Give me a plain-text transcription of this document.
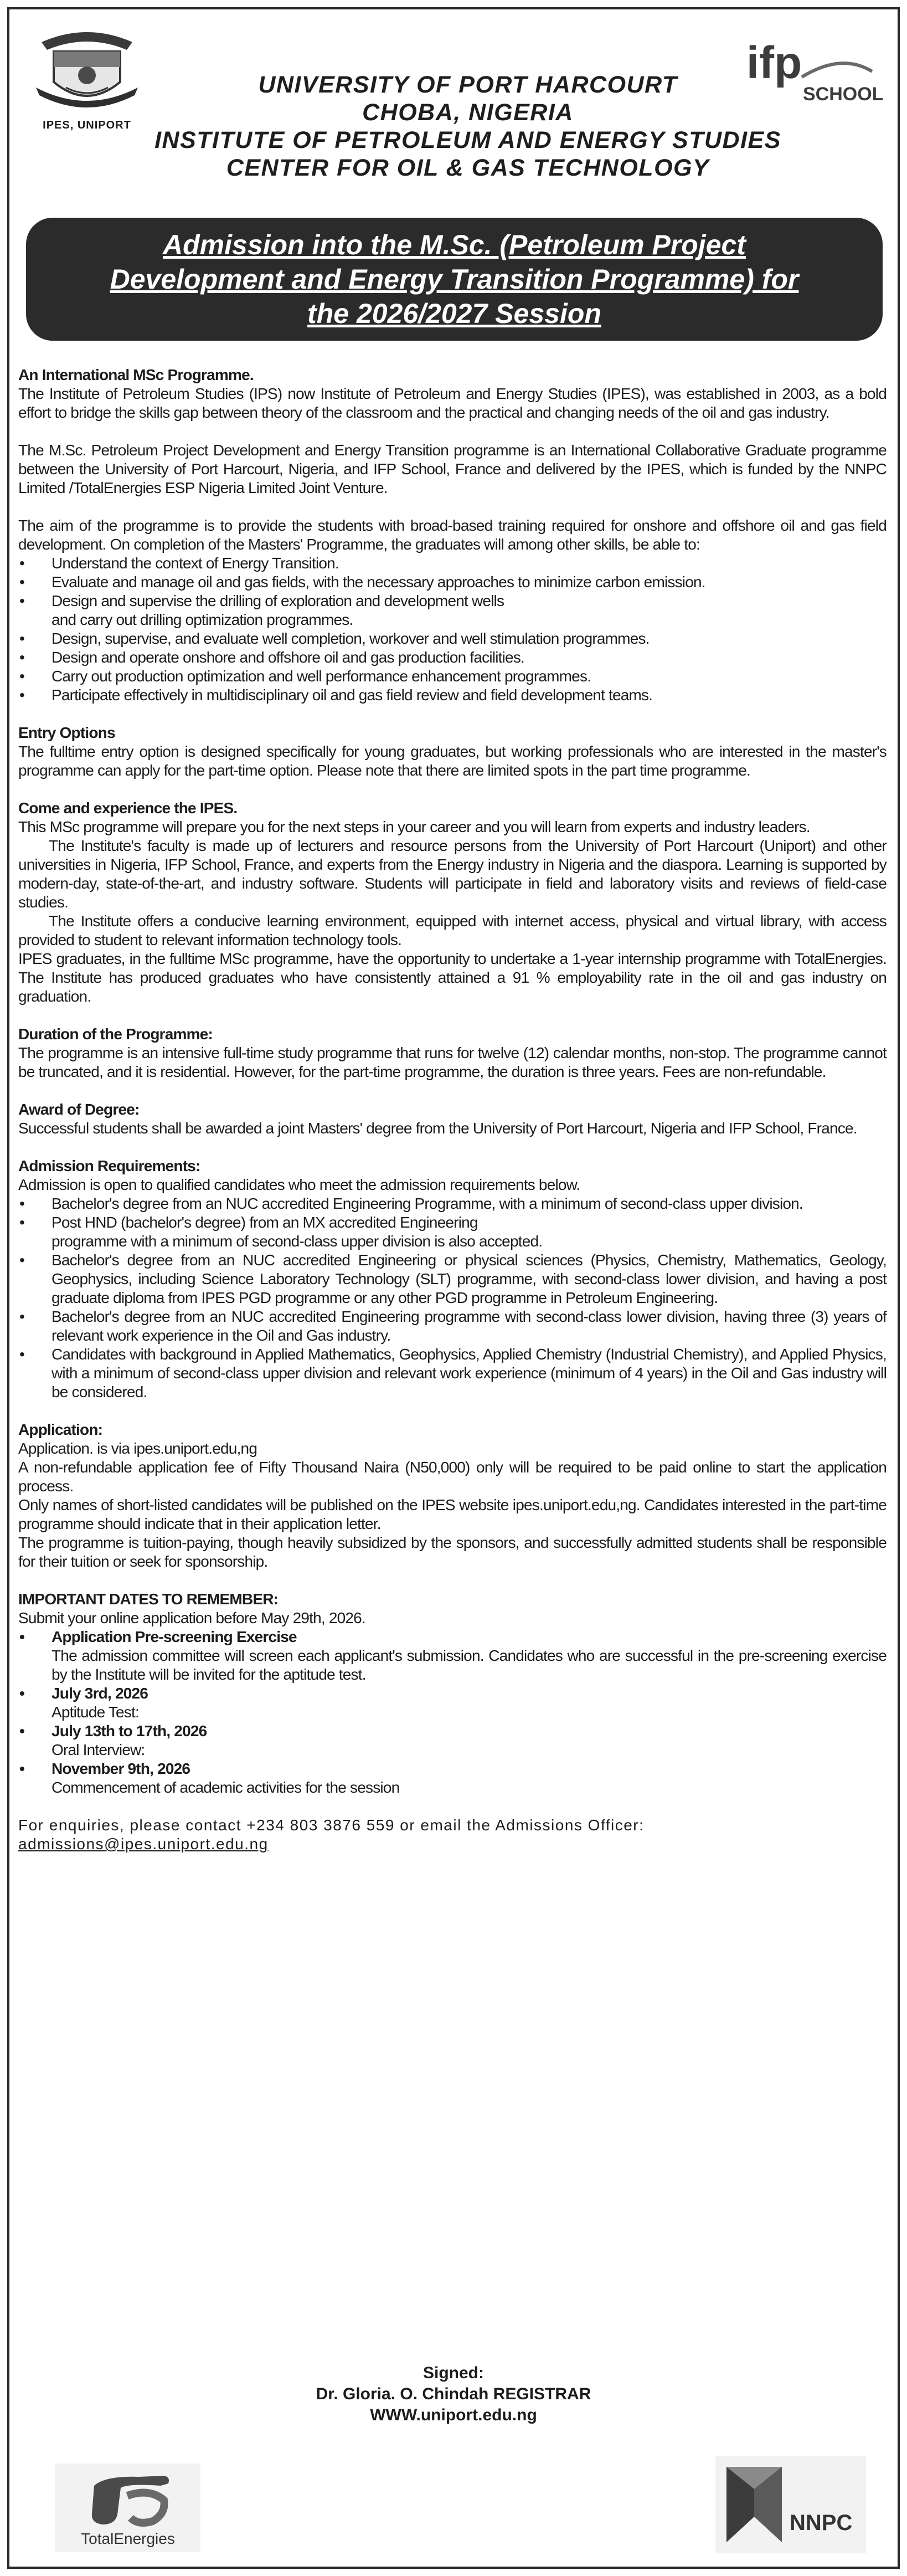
IPES, UNIPORT
ifp
SCHOOL
UNIVERSITY OF PORT HARCOURT
CHOBA, NIGERIA
INSTITUTE OF PETROLEUM AND ENERGY STUDIES
CENTER FOR OIL & GAS TECHNOLOGY
Admission into the M.Sc. (Petroleum Project
Development and Energy Transition Programme) for
the 2026/2027 Session

An International MSc Programme.

The Institute of Petroleum Studies (IPS) now Institute of Petroleum and Energy Studies (IPES), was established in 2003, as a bold effort to bridge the skills gap between theory of the classroom and the practical and changing needs of the oil and gas industry.

The M.Sc. Petroleum Project Development and Energy Transition programme is an International Collaborative Graduate programme between the University of Port Harcourt, Nigeria, and IFP School, France and delivered by the IPES, which is funded by the NNPC Limited /TotalEnergies ESP Nigeria Limited Joint Venture.

The aim of the programme is to provide the students with broad-based training required for onshore and offshore oil and gas field development. On completion of the Masters' Programme, the graduates will among other skills, be able to:

• Understand the context of Energy Transition.
• Evaluate and manage oil and gas fields, with the necessary approaches to minimize carbon emission.
• Design and supervise the drilling of exploration and development wells
and carry out drilling optimization programmes.
• Design, supervise, and evaluate well completion, workover and well stimulation programmes.
• Design and operate onshore and offshore oil and gas production facilities.
• Carry out production optimization and well performance enhancement programmes.
• Participate effectively in multidisciplinary oil and gas field review and field development teams.

Entry Options

The fulltime entry option is designed specifically for young graduates, but working professionals who are interested in the master's programme can apply for the part-time option. Please note that there are limited spots in the part time programme.

Come and experience the IPES.

This MSc programme will prepare you for the next steps in your career and you will learn from experts and industry leaders.

The Institute's faculty is made up of lecturers and resource persons from the University of Port Harcourt (Uniport) and other universities in Nigeria, IFP School, France, and experts from the Energy industry in Nigeria and the diaspora. Learning is supported by modern-day, state-of-the-art, and industry software. Students will participate in field and laboratory visits and reviews of field-case studies.

The Institute offers a conducive learning environment, equipped with internet access, physical and virtual library, with access provided to student to relevant information technology tools.

IPES graduates, in the fulltime MSc programme, have the opportunity to undertake a 1-year internship programme with TotalEnergies. The Institute has produced graduates who have consistently attained a 91 % employability rate in the oil and gas industry on graduation.

Duration of the Programme:

The programme is an intensive full-time study programme that runs for twelve (12) calendar months, non-stop. The programme cannot be truncated, and it is residential. However, for the part-time programme, the duration is three years. Fees are non-refundable.

Award of Degree:

Successful students shall be awarded a joint Masters' degree from the University of Port Harcourt, Nigeria and IFP School, France.

Admission Requirements:

Admission is open to qualified candidates who meet the admission requirements below.

• Bachelor's degree from an NUC accredited Engineering Programme, with a minimum of second-class upper division.
• Post HND (bachelor's degree) from an MX accredited Engineering
programme with a minimum of second-class upper division is also accepted.
• Bachelor's degree from an NUC accredited Engineering or physical sciences (Physics, Chemistry, Mathematics, Geology, Geophysics, including Science Laboratory Technology (SLT) programme, with second-class lower division, and having a post graduate diploma from IPES PGD programme or any other PGD programme in Petroleum Engineering.
• Bachelor's degree from an NUC accredited Engineering programme with second-class lower division, having three (3) years of relevant work experience in the Oil and Gas industry.
• Candidates with background in Applied Mathematics, Geophysics, Applied Chemistry (Industrial Chemistry), and Applied Physics, with a minimum of second-class upper division and relevant work experience (minimum of 4 years) in the Oil and Gas industry will be considered.

Application:

Application. is via ipes.uniport.edu,ng

A non-refundable application fee of Fifty Thousand Naira (N50,000) only will be required to be paid online to start the application process.

Only names of short-listed candidates will be published on the IPES website ipes.uniport.edu,ng. Candidates interested in the part-time programme should indicate that in their application letter.

The programme is tuition-paying, though heavily subsidized by the sponsors, and successfully admitted students shall be responsible for their tuition or seek for sponsorship.

IMPORTANT DATES TO REMEMBER:

Submit your online application before May 29th, 2026.

• Application Pre-screening Exercise
The admission committee will screen each applicant's submission. Candidates who are successful in the pre-screening exercise by the Institute will be invited for the aptitude test.
• July 3rd, 2026
Aptitude Test:
• July 13th to 17th, 2026
Oral Interview:
• November 9th, 2026
Commencement of academic activities for the session

For enquiries, please contact +234 803 3876 559 or email the Admissions Officer:

admissions@ipes.uniport.edu.ng

Signed:
Dr. Gloria. O. Chindah REGISTRAR
WWW.uniport.edu.ng
TotalEnergies
NNPC
